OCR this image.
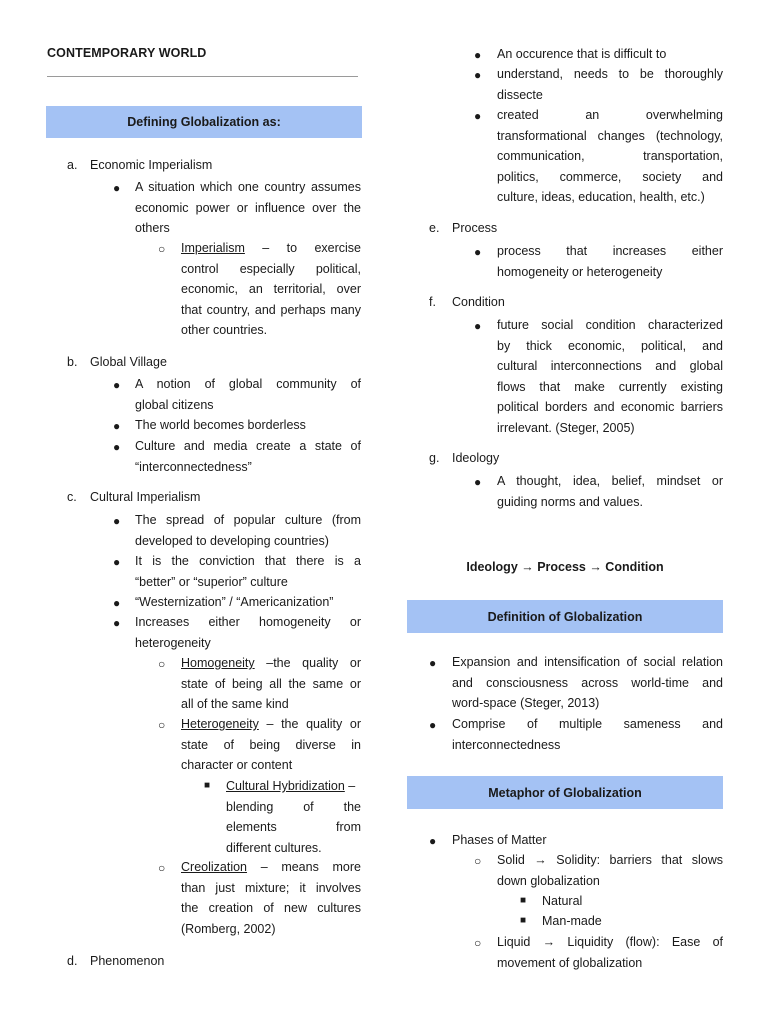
CONTEMPORARY WORLD
Defining Globalization as:
a. Economic Imperialism
● A situation which one country assumes
economic power or influence over the
others
○ Imperialism – to exercise
control especially political,
economic, an territorial, over
that country, and perhaps many
other countries.
b. Global Village
● A notion of global community of
global citizens
● The world becomes borderless
● Culture and media create a state of
“interconnectedness”
c. Cultural Imperialism
● The spread of popular culture (from
developed to developing countries)
● It is the conviction that there is a
“better” or “superior” culture
● “Westernization” / “Americanization”
● Increases either homogeneity or
heterogeneity
○ Homogeneity –the quality or
state of being all the same or
all of the same kind
○ Heterogeneity – the quality or
state of being diverse in
character or content
■ Cultural Hybridization –
blending of the
elements from
different cultures.
○ Creolization – means more
than just mixture; it involves
the creation of new cultures
(Romberg, 2002)
d. Phenomenon
● An occurence that is difficult to
● understand, needs to be thoroughly
dissecte
● created an overwhelming
transformational changes (technology,
communication, transportation,
politics, commerce, society and
culture, ideas, education, health, etc.)
e. Process
● process that increases either
homogeneity or heterogeneity
f. Condition
● future social condition characterized
by thick economic, political, and
cultural interconnections and global
flows that make currently existing
political borders and economic barriers
irrelevant. (Steger, 2005)
g. Ideology
● A thought, idea, belief, mindset or
guiding norms and values.
Ideology → Process → Condition
Definition of Globalization
● Expansion and intensification of social relation
and consciousness across world-time and
word-space (Steger, 2013)
● Comprise of multiple sameness and
interconnectedness
Metaphor of Globalization
● Phases of Matter
○ Solid → Solidity: barriers that slows
down globalization
■ Natural
■ Man-made
○ Liquid → Liquidity (flow): Ease of
movement of globalization
